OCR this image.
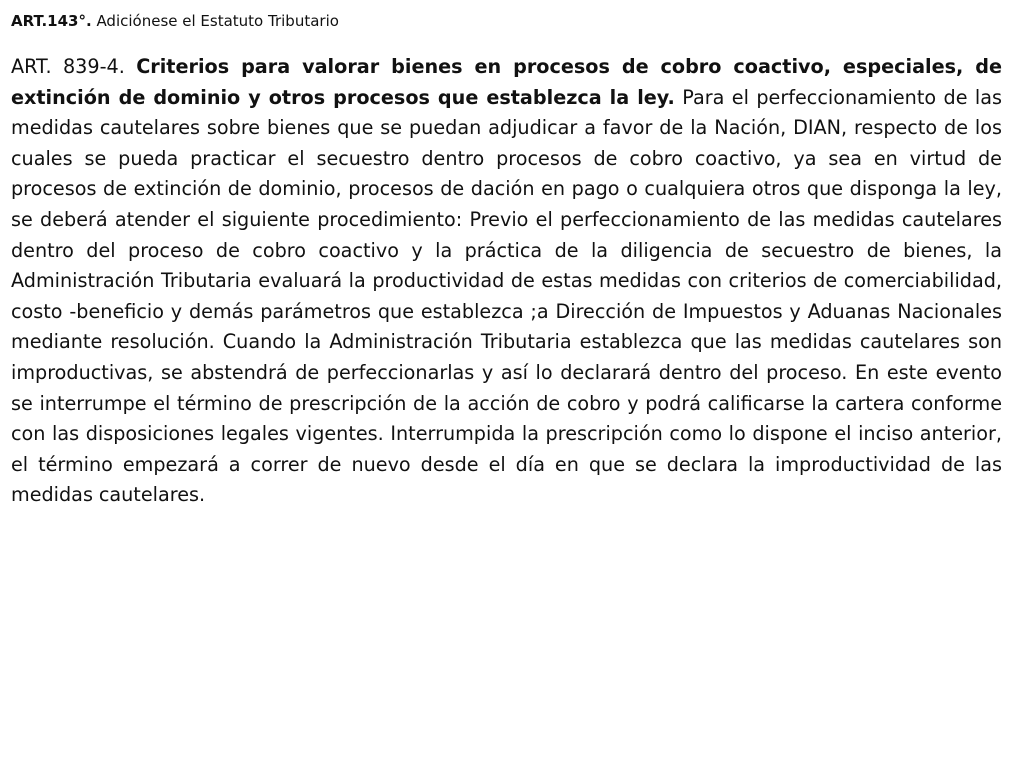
ART.143°. Adiciónese el Estatuto Tributario

ART. 839-4. Criterios para valorar bienes en procesos de cobro coactivo, especiales, de extinción de dominio y otros procesos que establezca la ley. Para el perfeccionamiento de las medidas cautelares sobre bienes que se puedan adjudicar a favor de la Nación, DIAN, respecto de los cuales se pueda practicar el secuestro dentro procesos de cobro coactivo, ya sea en virtud de procesos de extinción de dominio, procesos de dación en pago o cualquiera otros que disponga la ley, se deberá atender el siguiente procedimiento: Previo el perfeccionamiento de las medidas cautelares dentro del proceso de cobro coactivo y la práctica de la diligencia de secuestro de bienes, la Administración Tributaria evaluará la productividad de estas medidas con criterios de comerciabilidad, costo -beneficio y demás parámetros que establezca ;a Dirección de Impuestos y Aduanas Nacionales mediante resolución. Cuando la Administración Tributaria establezca que las medidas cautelares son improductivas, se abstendrá de perfeccionarlas y así lo declarará dentro del proceso. En este evento se interrumpe el término de prescripción de la acción de cobro y podrá calificarse la cartera conforme con las disposiciones legales vigentes. Interrumpida la prescripción como lo dispone el inciso anterior, el término empezará a correr de nuevo desde el día en que se declara la improductividad de las medidas cautelares.
